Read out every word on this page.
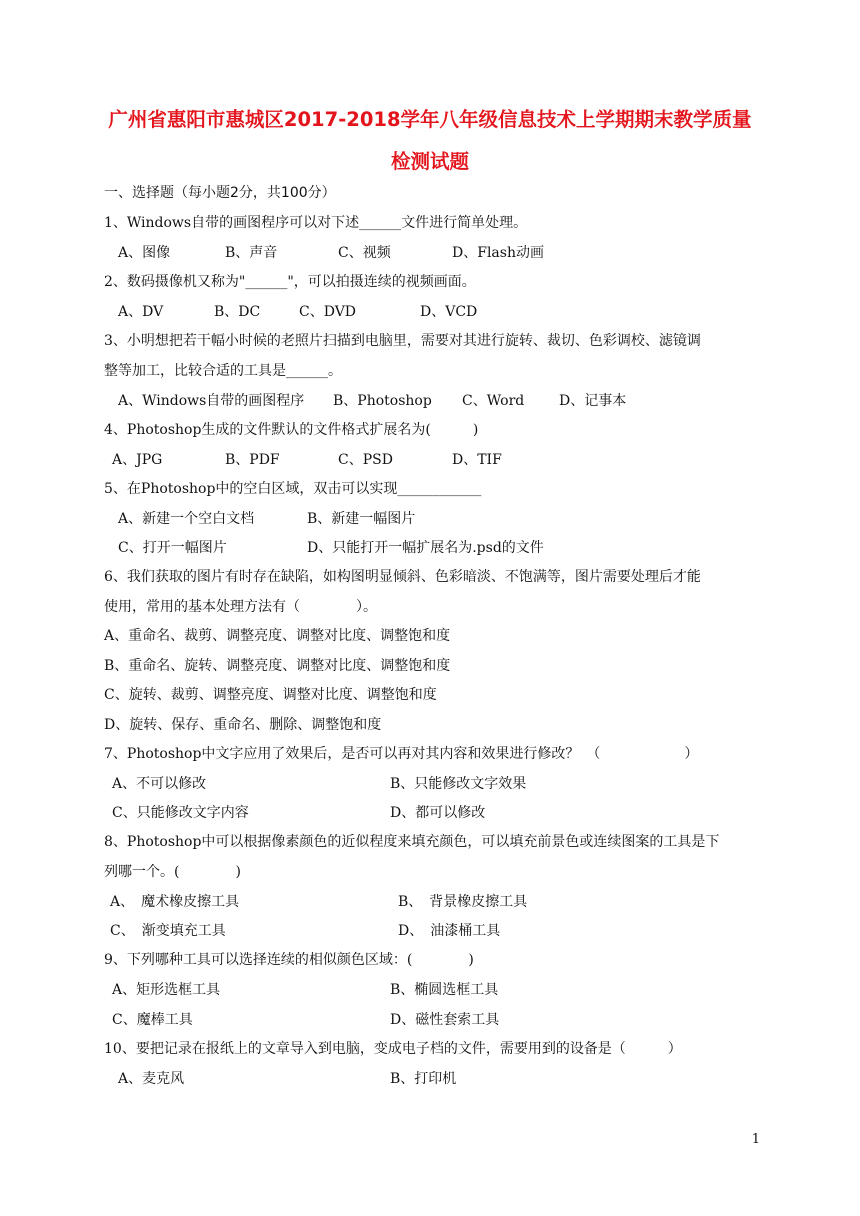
广州省惠阳市惠城区2017-2018学年八年级信息技术上学期期末教学质量
检测试题
一、选择题（每小题2分，共100分）
1、Windows自带的画图程序可以对下述______文件进行简单处理。
A、图像	B、声音	C、视频	D、Flash动画
2、数码摄像机又称为"______"，可以拍摄连续的视频画面。
A、DV	B、DC	C、DVD	D、VCD
3、小明想把若干幅小时候的老照片扫描到电脑里，需要对其进行旋转、裁切、色彩调校、滤镜调
整等加工，比较合适的工具是______。
A、Windows自带的画图程序 B、Photoshop C、Word D、记事本
4、Photoshop生成的文件默认的文件格式扩展名为(　　　)
A、JPG	B、PDF	C、PSD	D、TIF
5、在Photoshop中的空白区域，双击可以实现____________
A、新建一个空白文档	B、新建一幅图片
C、打开一幅图片	D、只能打开一幅扩展名为.psd的文件
6、我们获取的图片有时存在缺陷，如构图明显倾斜、色彩暗淡、不饱满等，图片需要处理后才能
使用，常用的基本处理方法有（　　　　）。
A、重命名、裁剪、调整亮度、调整对比度、调整饱和度
B、重命名、旋转、调整亮度、调整对比度、调整饱和度
C、旋转、裁剪、调整亮度、调整对比度、调整饱和度
D、旋转、保存、重命名、删除、调整饱和度
7、Photoshop中文字应用了效果后，是否可以再对其内容和效果进行修改？　（　　　　　　）
A、不可以修改	B、只能修改文字效果
C、只能修改文字内容	D、都可以修改
8、Photoshop中可以根据像素颜色的近似程度来填充颜色，可以填充前景色或连续图案的工具是下
列哪一个。(　　　　)
A、　魔术橡皮擦工具	B、　背景橡皮擦工具
C、　渐变填充工具	D、　油漆桶工具
9、下列哪种工具可以选择连续的相似颜色区域：(　　　　)
A、矩形选框工具	B、椭圆选框工具
C、魔棒工具	D、磁性套索工具
10、要把记录在报纸上的文章导入到电脑，变成电子档的文件，需要用到的设备是（　　　）
A、麦克风	B、打印机
1
